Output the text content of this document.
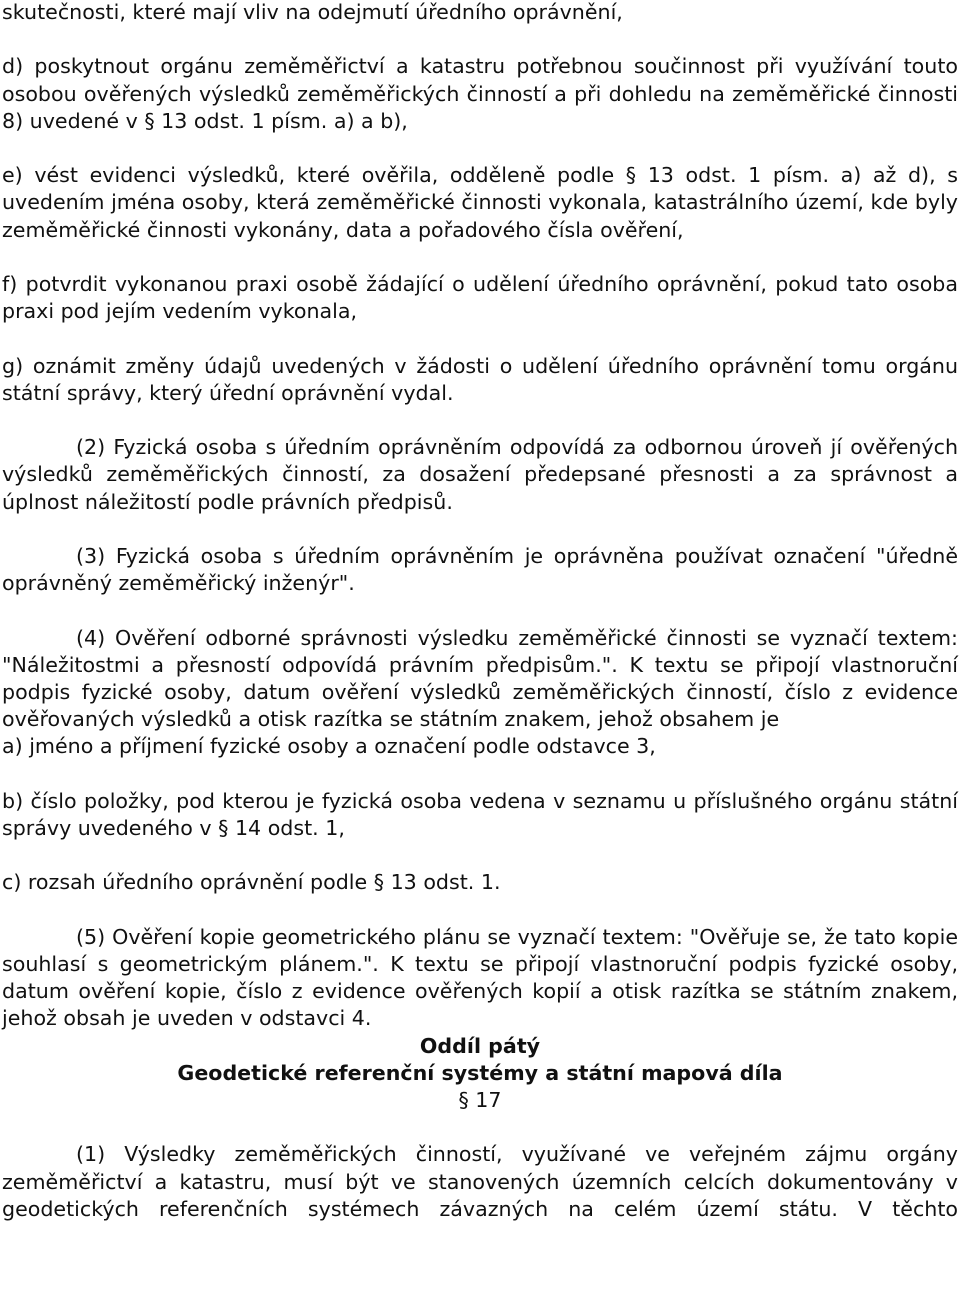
skutečnosti, které mají vliv na odejmutí úředního oprávnění,

d) poskytnout orgánu zeměměřictví a katastru potřebnou součinnost při využívání touto osobou ověřených výsledků zeměměřických činností a při dohledu na zeměměřické činnosti 8) uvedené v § 13 odst. 1 písm. a) a b),

e) vést evidenci výsledků, které ověřila, odděleně podle § 13 odst. 1 písm. a) až d), s uvedením jména osoby, která zeměměřické činnosti vykonala, katastrálního území, kde byly zeměměřické činnosti vykonány, data a pořadového čísla ověření,

f) potvrdit vykonanou praxi osobě žádající o udělení úředního oprávnění, pokud tato osoba praxi pod jejím vedením vykonala,

g) oznámit změny údajů uvedených v žádosti o udělení úředního oprávnění tomu orgánu státní správy, který úřední oprávnění vydal.

(2) Fyzická osoba s úředním oprávněním odpovídá za odbornou úroveň jí ověřených výsledků zeměměřických činností, za dosažení předepsané přesnosti a za správnost a úplnost náležitostí podle právních předpisů.

(3) Fyzická osoba s úředním oprávněním je oprávněna používat označení "úředně oprávněný zeměměřický inženýr".

(4) Ověření odborné správnosti výsledku zeměměřické činnosti se vyznačí textem: "Náležitostmi a přesností odpovídá právním předpisům.". K textu se připojí vlastnoruční podpis fyzické osoby, datum ověření výsledků zeměměřických činností, číslo z evidence ověřovaných výsledků a otisk razítka se státním znakem, jehož obsahem je

a) jméno a příjmení fyzické osoby a označení podle odstavce 3,

b) číslo položky, pod kterou je fyzická osoba vedena v seznamu u příslušného orgánu státní správy uvedeného v § 14 odst. 1,

c) rozsah úředního oprávnění podle § 13 odst. 1.

(5) Ověření kopie geometrického plánu se vyznačí textem: "Ověřuje se, že tato kopie souhlasí s geometrickým plánem.". K textu se připojí vlastnoruční podpis fyzické osoby, datum ověření kopie, číslo z evidence ověřených kopií a otisk razítka se státním znakem, jehož obsah je uveden v odstavci 4.

Oddíl pátý

Geodetické referenční systémy a státní mapová díla

§ 17

(1) Výsledky zeměměřických činností, využívané ve veřejném zájmu orgány zeměměřictví a katastru, musí být ve stanovených územních celcích dokumentovány v geodetických referenčních systémech závazných na celém území státu. V těchto
